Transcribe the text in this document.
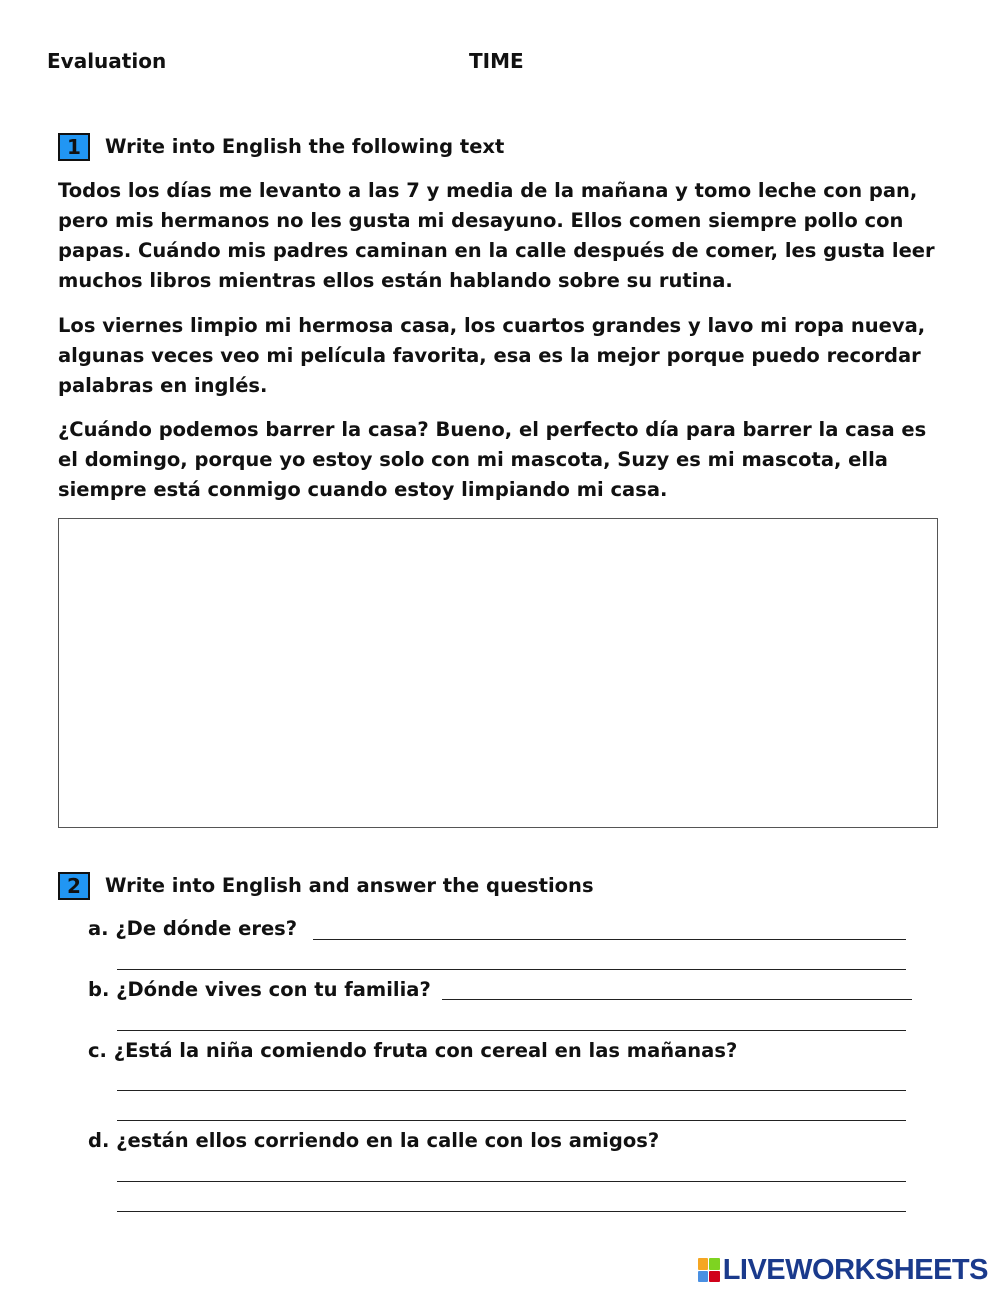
Evaluation	TIME
1	Write into English the following text

Todos los días me levanto a las 7 y media de la mañana y tomo leche con pan, pero mis hermanos no les gusta mi desayuno. Ellos comen siempre pollo con papas. Cuándo mis padres caminan en la calle después de comer, les gusta leer muchos libros mientras ellos están hablando sobre su rutina.

Los viernes limpio mi hermosa casa, los cuartos grandes y lavo mi ropa nueva, algunas veces veo mi película favorita, esa es la mejor porque puedo recordar palabras en inglés.

¿Cuándo podemos barrer la casa? Bueno, el perfecto día para barrer la casa es el domingo, porque yo estoy solo con mi mascota, Suzy es mi mascota, ella siempre está conmigo cuando estoy limpiando mi casa.

2	Write into English and answer the questions
a. ¿De dónde eres?
b. ¿Dónde vives con tu familia?
c. ¿Está la niña comiendo fruta con cereal en las mañanas?
d. ¿están ellos corriendo en la calle con los amigos?
LIVEWORKSHEETS
